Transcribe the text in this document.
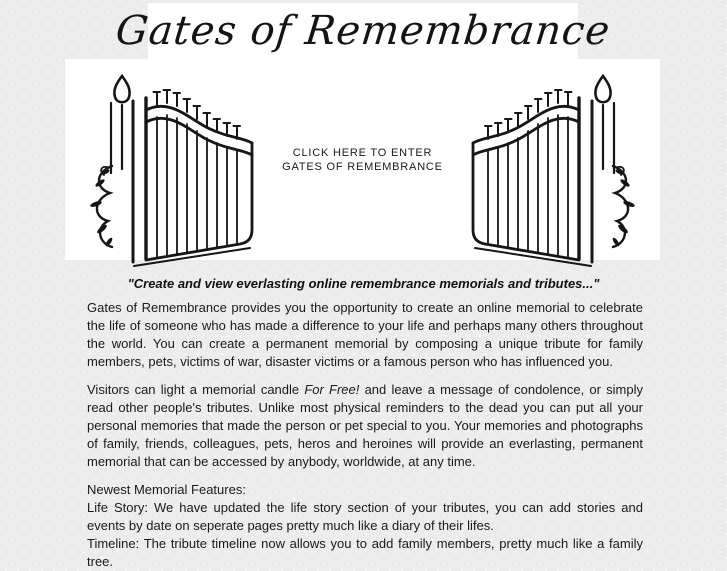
Gates of Remembrance
CLICK HERE TO ENTER
GATES OF REMEMBRANCE
"Create and view everlasting online remembrance memorials and tributes..."

Gates of Remembrance provides you the opportunity to create an online memorial to celebrate the life of someone who has made a difference to your life and perhaps many others throughout the world. You can create a permanent memorial by composing a unique tribute for family members, pets, victims of war, disaster victims or a famous person who has influenced you.

Visitors can light a memorial candle For Free! and leave a message of condolence, or simply read other people's tributes. Unlike most physical reminders to the dead you can put all your personal memories that made the person or pet special to you. Your memories and photographs of family, friends, colleagues, pets, heros and heroines will provide an everlasting, permanent memorial that can be accessed by anybody, worldwide, at any time.

Newest Memorial Features:
Life Story: We have updated the life story section of your tributes, you can add stories and events by date on seperate pages pretty much like a diary of their lifes.
Timeline: The tribute timeline now allows you to add family members, pretty much like a family tree.
